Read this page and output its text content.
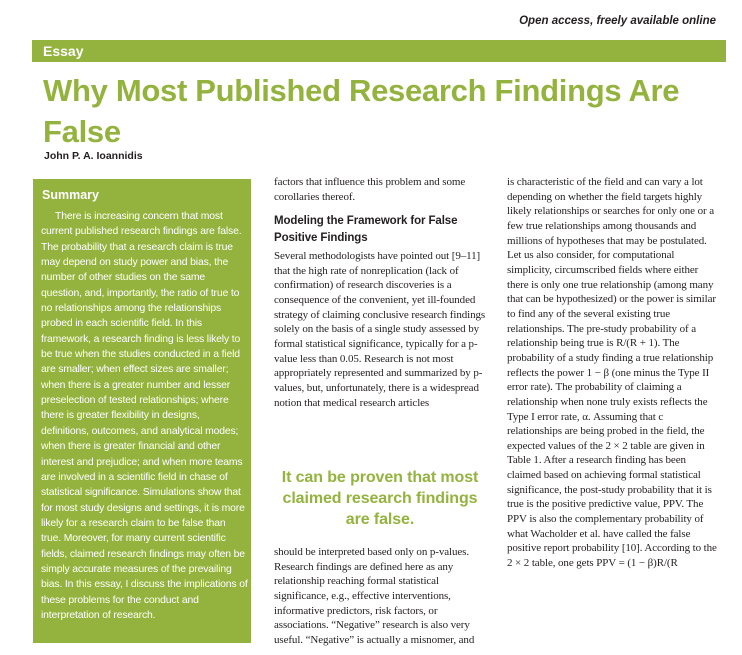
Open access, freely available online
Essay
Why Most Published Research Findings Are False
John P. A. Ioannidis
Summary

There is increasing concern that most current published research findings are false. The probability that a research claim is true may depend on study power and bias, the number of other studies on the same question, and, importantly, the ratio of true to no relationships among the relationships probed in each scientific field. In this framework, a research finding is less likely to be true when the studies conducted in a field are smaller; when effect sizes are smaller; when there is a greater number and lesser preselection of tested relationships; where there is greater flexibility in designs, definitions, outcomes, and analytical modes; when there is greater financial and other interest and prejudice; and when more teams are involved in a scientific field in chase of statistical significance. Simulations show that for most study designs and settings, it is more likely for a research claim to be false than true. Moreover, for many current scientific fields, claimed research findings may often be simply accurate measures of the prevailing bias. In this essay, I discuss the implications of these problems for the conduct and interpretation of research.

factors that influence this problem and some corollaries thereof.

Modeling the Framework for False Positive Findings

Several methodologists have pointed out [9–11] that the high rate of nonreplication (lack of confirmation) of research discoveries is a consequence of the convenient, yet ill-founded strategy of claiming conclusive research findings solely on the basis of a single study assessed by formal statistical significance, typically for a p-value less than 0.05. Research is not most appropriately represented and summarized by p-values, but, unfortunately, there is a widespread notion that medical research articles

It can be proven that most claimed research findings are false.

should be interpreted based only on p-values. Research findings are defined here as any relationship reaching formal statistical significance, e.g., effective interventions, informative predictors, risk factors, or associations. “Negative” research is also very useful. “Negative” is actually a misnomer, and

is characteristic of the field and can vary a lot depending on whether the field targets highly likely relationships or searches for only one or a few true relationships among thousands and millions of hypotheses that may be postulated. Let us also consider, for computational simplicity, circumscribed fields where either there is only one true relationship (among many that can be hypothesized) or the power is similar to find any of the several existing true relationships. The pre-study probability of a relationship being true is R/(R + 1). The probability of a study finding a true relationship reflects the power 1 − β (one minus the Type II error rate). The probability of claiming a relationship when none truly exists reflects the Type I error rate, α. Assuming that c relationships are being probed in the field, the expected values of the 2 × 2 table are given in Table 1. After a research finding has been claimed based on achieving formal statistical significance, the post-study probability that it is true is the positive predictive value, PPV. The PPV is also the complementary probability of what Wacholder et al. have called the false positive report probability [10]. According to the 2 × 2 table, one gets PPV = (1 − β)R/(R
